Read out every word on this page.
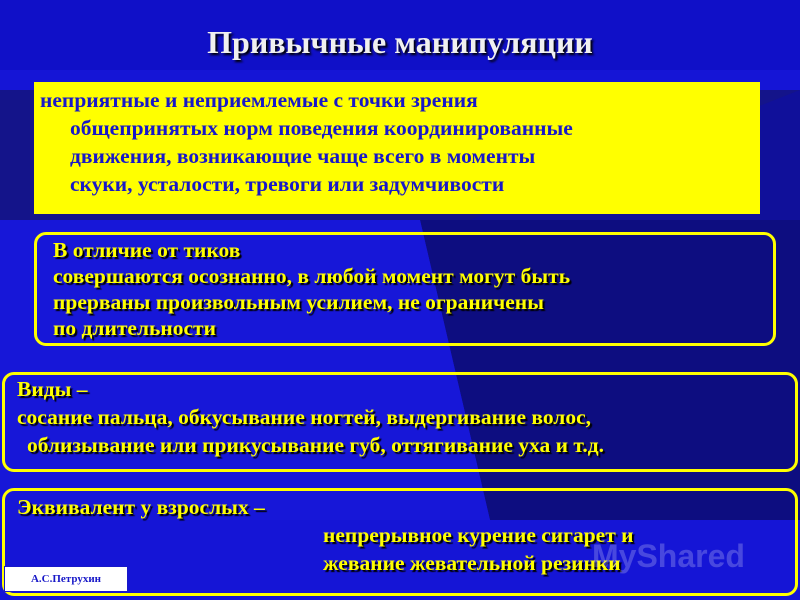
Привычные манипуляции
неприятные и неприемлемые с точки зрения
общепринятых норм поведения координированные
движения, возникающие чаще всего в моменты
скуки, усталости, тревоги или задумчивости
В отличие от тиков
совершаются осознанно, в любой момент могут быть
прерваны произвольным усилием, не ограничены
по длительности
Виды –
сосание пальца, обкусывание ногтей, выдергивание волос,
облизывание или прикусывание губ, оттягивание уха и т.д.
Эквивалент у взрослых –
непрерывное курение сигарет и
жевание жевательной резинки
MyShared
А.С.Петрухин
